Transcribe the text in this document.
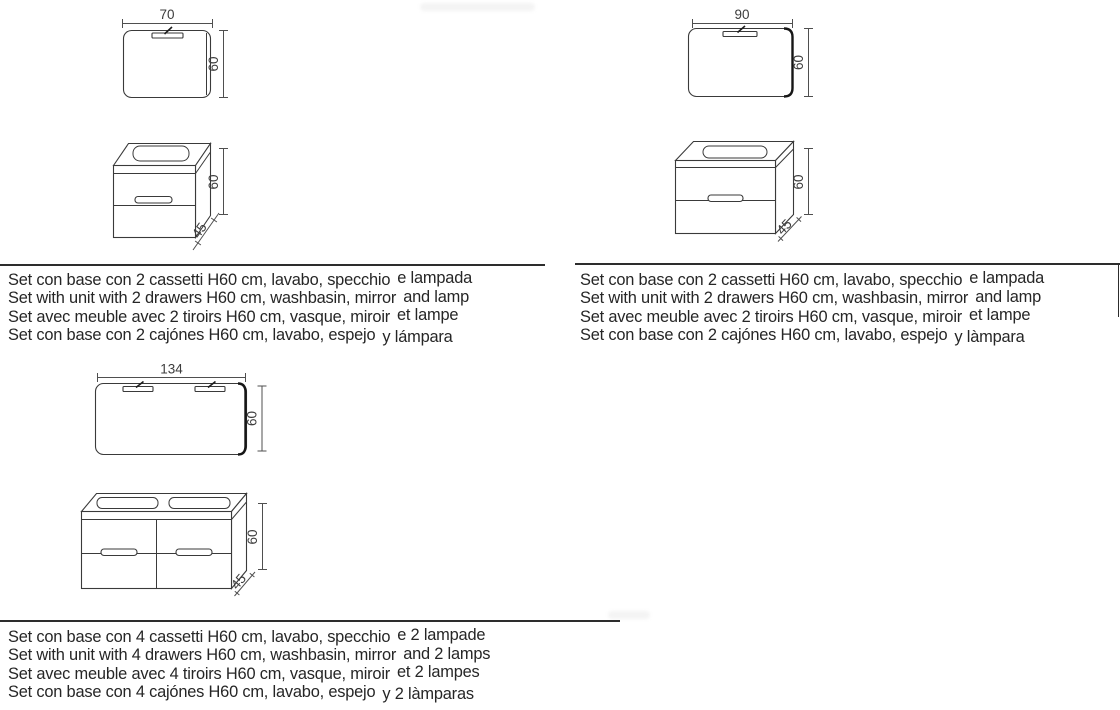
70
60
60
45
90
60
60
45
134
60
60
45
Set con base con 2 cassetti H60 cm, lavabo, specchio e lampada
Set with unit with 2 drawers H60 cm, washbasin, mirror and lamp
Set avec meuble avec 2 tiroirs H60 cm, vasque, miroir et lampe
Set con base con 2 cajónes H60 cm, lavabo, espejo y lámpara
Set con base con 2 cassetti H60 cm, lavabo, specchio e lampada
Set with unit with 2 drawers H60 cm, washbasin, mirror and lamp
Set avec meuble avec 2 tiroirs H60 cm, vasque, miroir et lampe
Set con base con 2 cajónes H60 cm, lavabo, espejo y làmpara
Set con base con 4 cassetti H60 cm, lavabo, specchio e 2 lampade
Set with unit with 4 drawers H60 cm, washbasin, mirror and 2 lamps
Set avec meuble avec 4 tiroirs H60 cm, vasque, miroir et 2 lampes
Set con base con 4 cajónes H60 cm, lavabo, espejo y 2 làmparas
